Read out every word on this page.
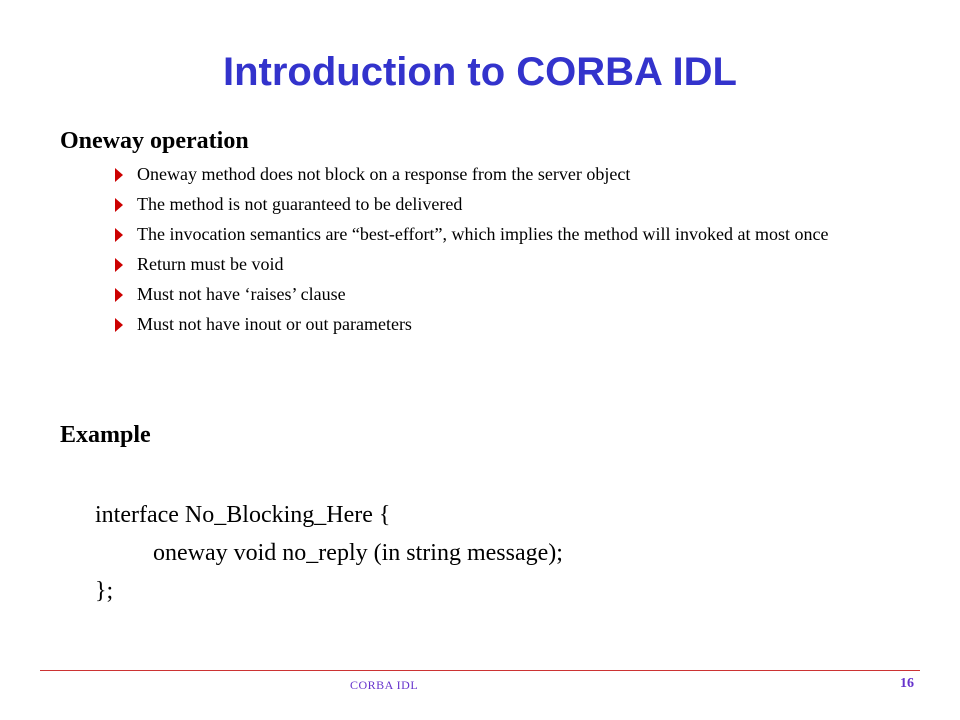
Introduction to CORBA IDL
Oneway operation
Oneway method does not block on a response from the server object
The method is not guaranteed to be delivered
The invocation semantics are “best-effort”, which implies the method will invoked at most once
Return must be void
Must not have ‘raises’ clause
Must not have inout or out parameters
Example
interface No_Blocking_Here {
oneway void no_reply (in string message);
};
CORBA IDL	16
